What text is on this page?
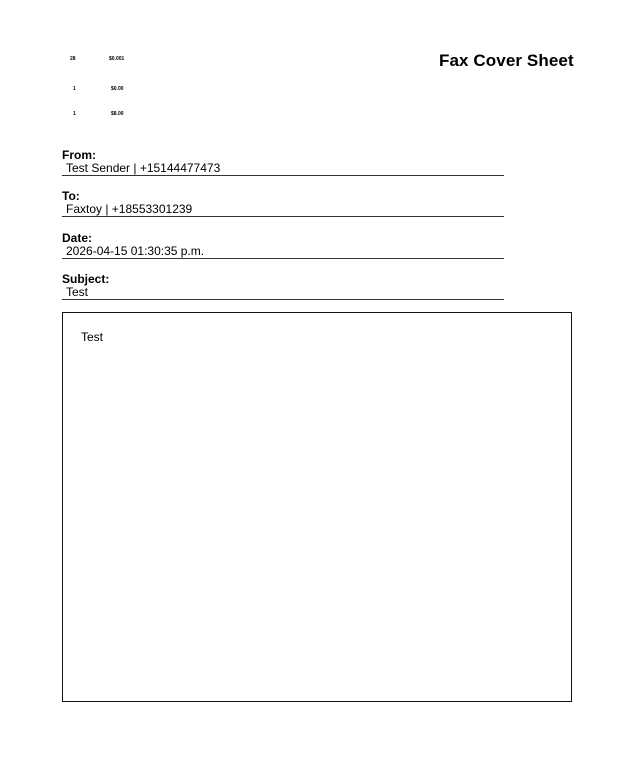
28	$0.001
1	$0.00
1	$8.00
Fax Cover Sheet
From:
Test Sender | +15144477473
To:
Faxtoy | +18553301239
Date:
2026-04-15 01:30:35 p.m.
Subject:
Test
Test
